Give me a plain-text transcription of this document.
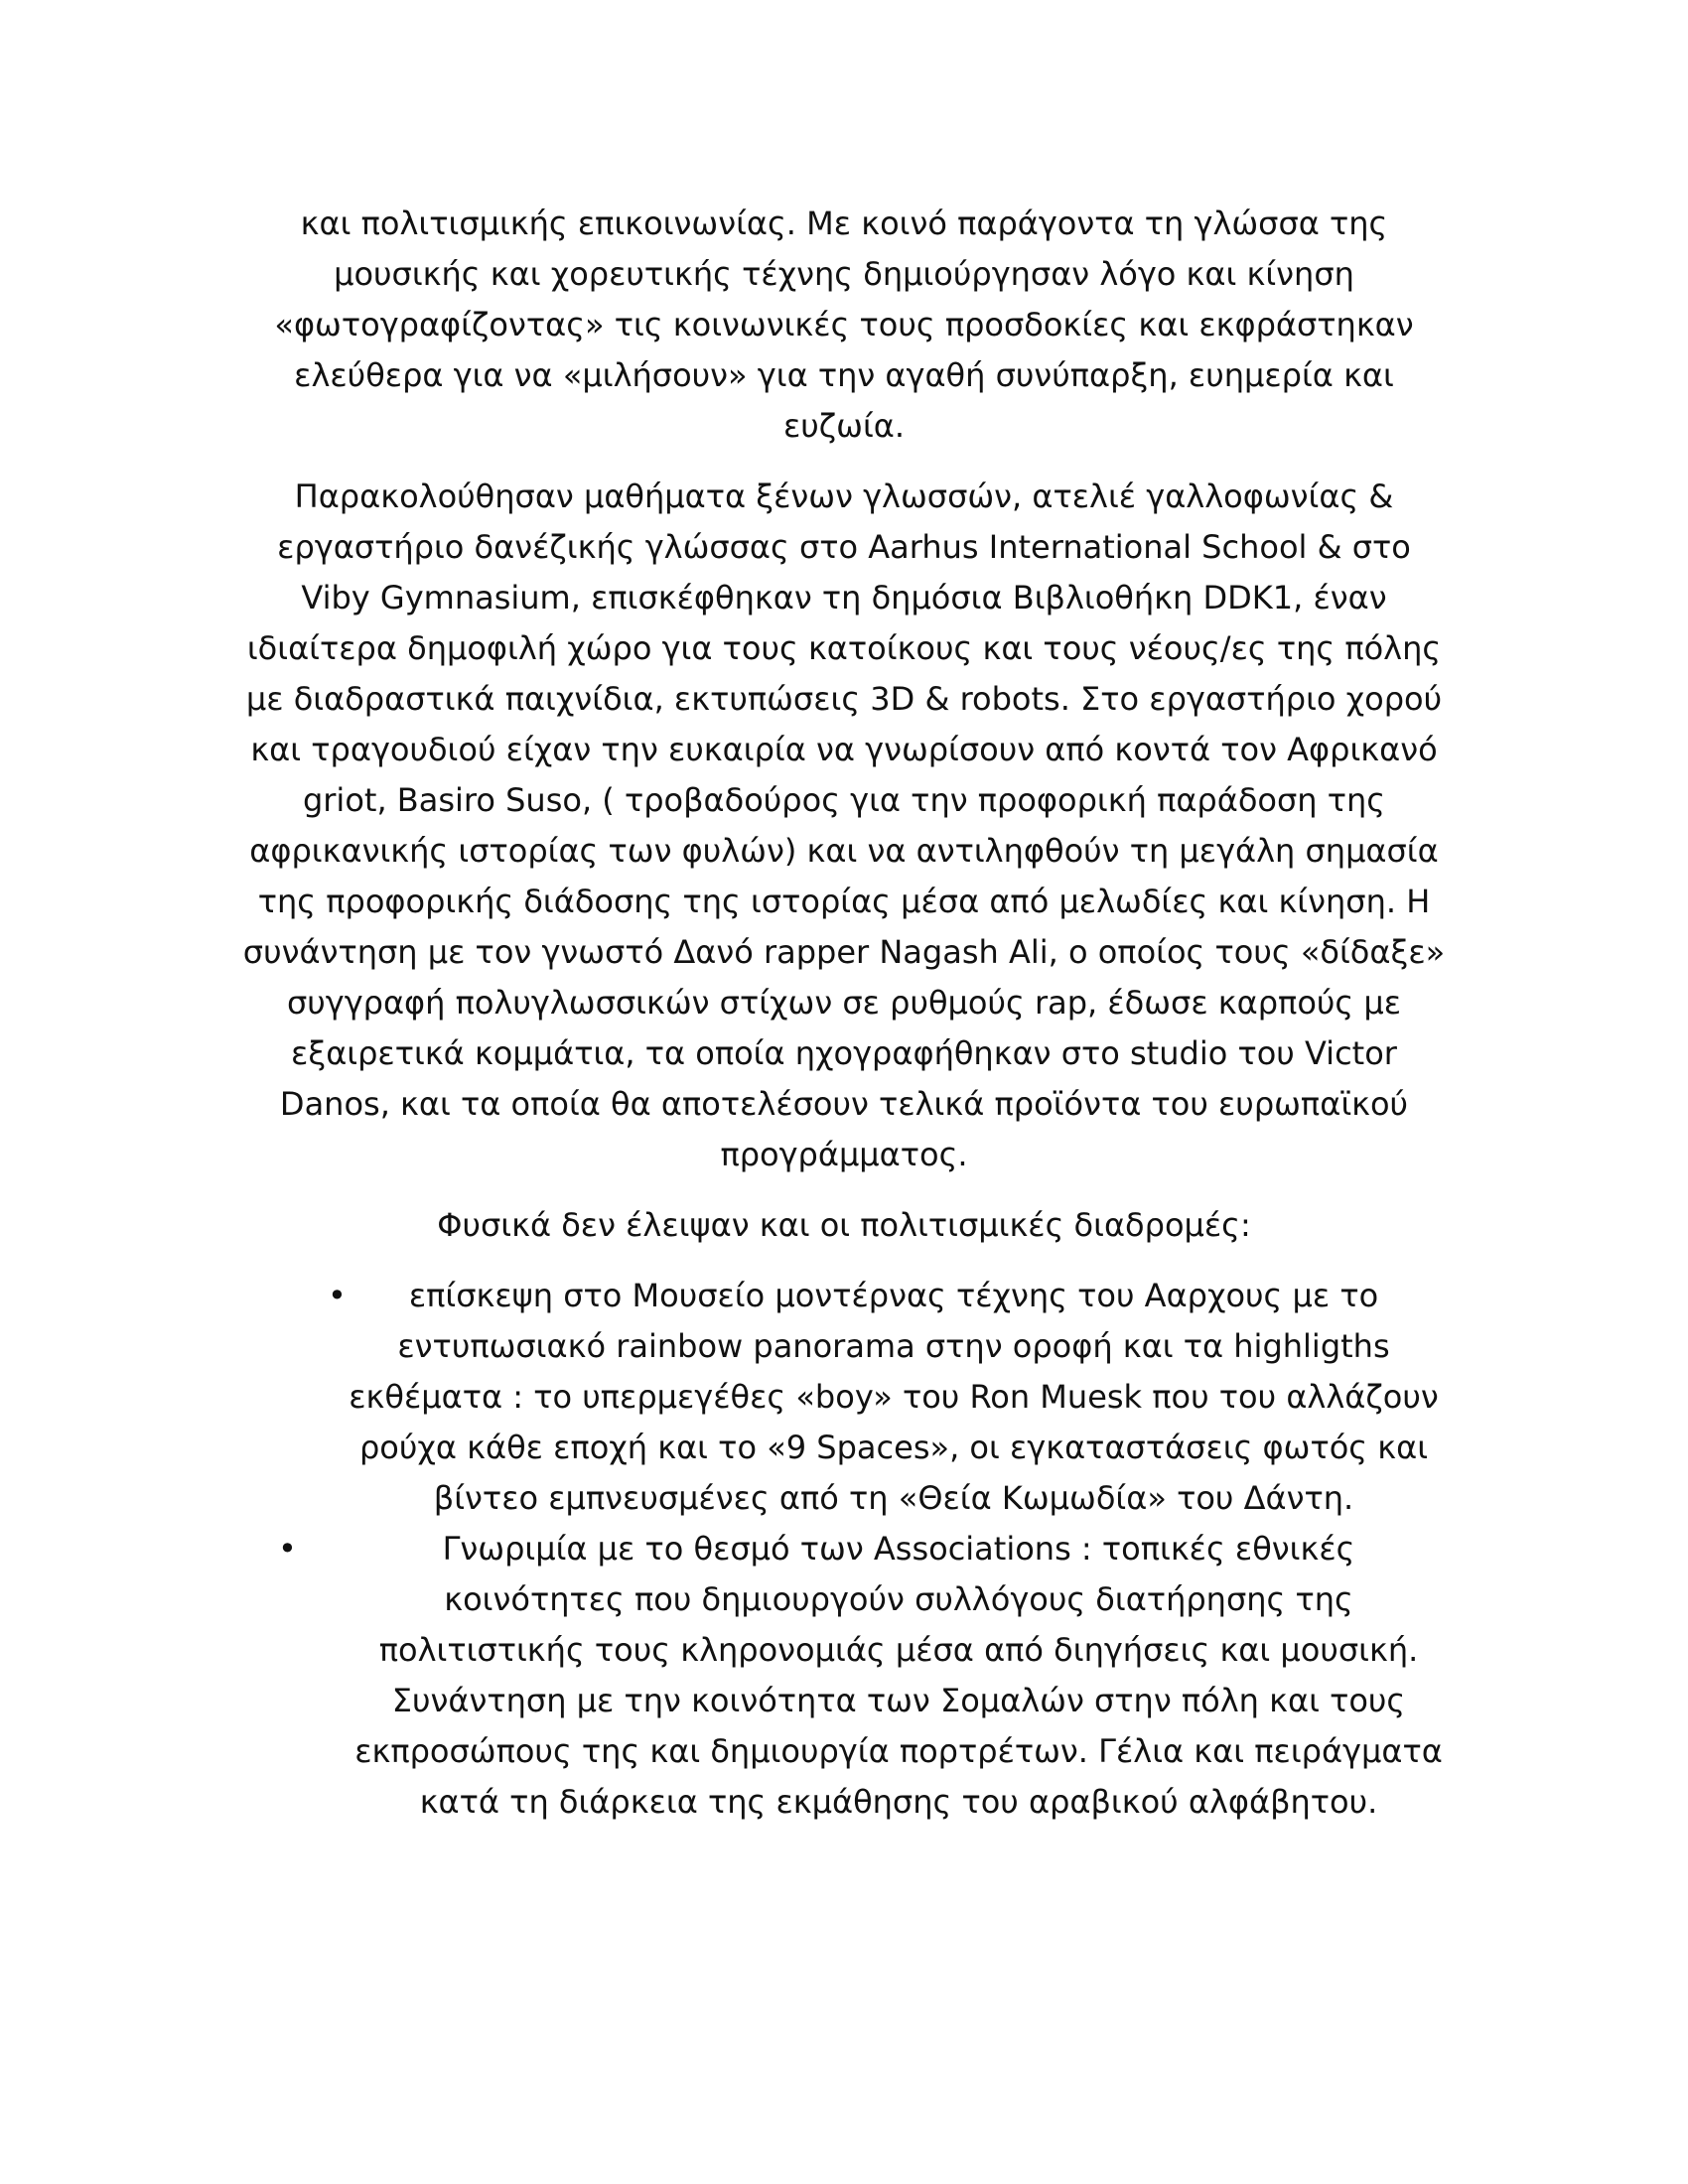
και πολιτισμικής επικοινωνίας. Με κοινό παράγοντα τη γλώσσα της μουσικής και χορευτικής τέχνης δημιούργησαν λόγο και κίνηση «φωτογραφίζοντας» τις κοινωνικές τους προσδοκίες και εκφράστηκαν ελεύθερα για να «μιλήσουν» για την αγαθή συνύπαρξη, ευημερία και ευζωία.

Παρακολούθησαν μαθήματα ξένων γλωσσών, ατελιέ γαλλοφωνίας & εργαστήριο δανέζικής γλώσσας στο Aarhus International School & στο Viby Gymnasium, επισκέφθηκαν τη δημόσια Βιβλιοθήκη DDK1, έναν ιδιαίτερα δημοφιλή χώρο για τους κατοίκους και τους νέους/ες της πόλης με διαδραστικά παιχνίδια, εκτυπώσεις 3D & robots. Στο εργαστήριο χορού και τραγουδιού είχαν την ευκαιρία να γνωρίσουν από κοντά τον Αφρικανό griot, Basiro Suso, ( τροβαδούρος για την προφορική παράδοση της αφρικανικής ιστορίας των φυλών) και να αντιληφθούν τη μεγάλη σημασία της προφορικής διάδοσης της ιστορίας μέσα από μελωδίες και κίνηση. Η συνάντηση με τον γνωστό Δανό rapper Nagash Ali, ο οποίος τους «δίδαξε» συγγραφή πολυγλωσσικών στίχων σε ρυθμούς rap, έδωσε καρπούς με εξαιρετικά κομμάτια, τα οποία ηχογραφήθηκαν στο studio του Victor Danos, και τα οποία θα αποτελέσουν τελικά προϊόντα του ευρωπαϊκού προγράμματος.

Φυσικά δεν έλειψαν και οι πολιτισμικές διαδρομές:

• επίσκεψη στο Μουσείο μοντέρνας τέχνης του Ααρχους με το εντυπωσιακό rainbow panorama στην οροφή και τα highligths εκθέματα : το υπερμεγέθες «boy» του Ron Muesk που του αλλάζουν ρούχα κάθε εποχή και το «9 Spaces», οι εγκαταστάσεις φωτός και βίντεο εμπνευσμένες από τη «Θεία Κωμωδία» του Δάντη.
•	Γνωριμία με το θεσμό των Associations : τοπικές εθνικές κοινότητες που δημιουργούν συλλόγους διατήρησης της πολιτιστικής τους κληρονομιάς μέσα από διηγήσεις και μουσική. Συνάντηση με την κοινότητα των Σομαλών στην πόλη και τους εκπροσώπους της και δημιουργία πορτρέτων. Γέλια και πειράγματα κατά τη διάρκεια της εκμάθησης του αραβικού αλφάβητου.
